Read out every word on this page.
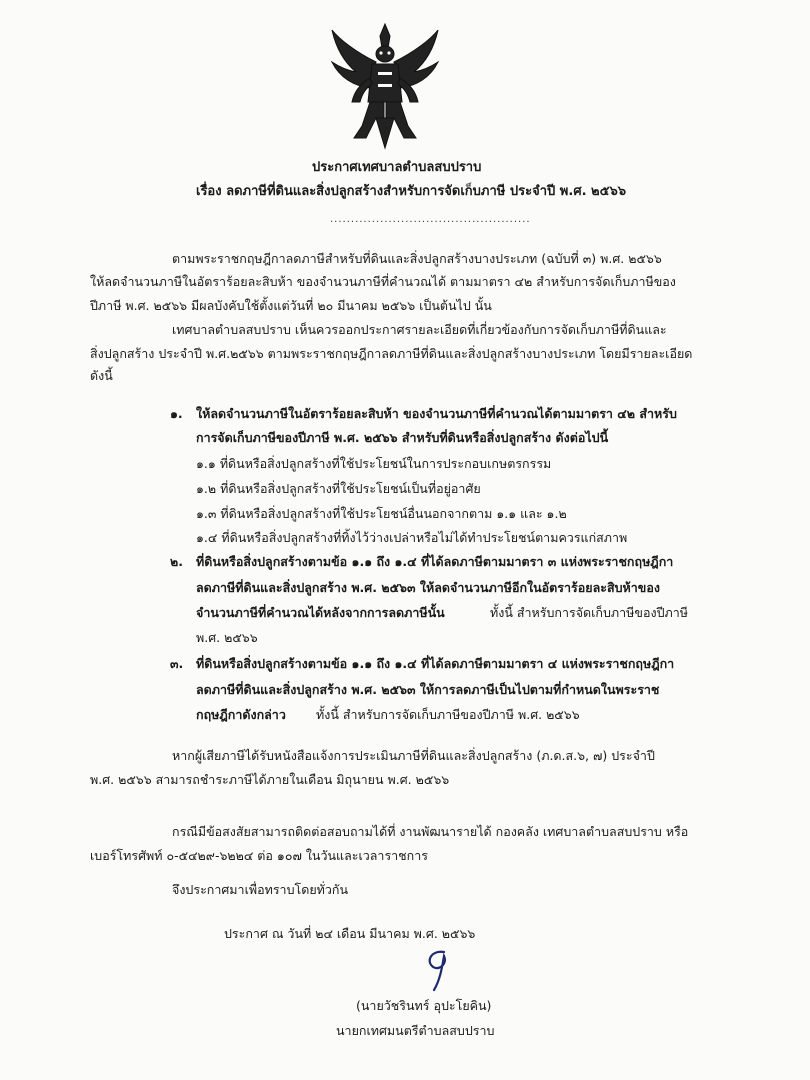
ประกาศเทศบาลตำบลสบปราบ
เรื่อง ลดภาษีที่ดินและสิ่งปลูกสร้างสำหรับการจัดเก็บภาษี ประจำปี พ.ศ. ๒๕๖๖
................................................
ตามพระราชกฤษฎีกาลดภาษีสำหรับที่ดินและสิ่งปลูกสร้างบางประเภท (ฉบับที่ ๓) พ.ศ. ๒๕๖๖
ให้ลดจำนวนภาษีในอัตราร้อยละสิบห้า ของจำนวนภาษีที่คำนวณได้ ตามมาตรา ๔๒ สำหรับการจัดเก็บภาษีของ
ปีภาษี พ.ศ. ๒๕๖๖ มีผลบังคับใช้ตั้งแต่วันที่ ๒๐ มีนาคม ๒๕๖๖ เป็นต้นไป นั้น
เทศบาลตำบลสบปราบ เห็นควรออกประกาศรายละเอียดที่เกี่ยวข้องกับการจัดเก็บภาษีที่ดินและ
สิ่งปลูกสร้าง ประจำปี พ.ศ.๒๕๖๖ ตามพระราชกฤษฎีกาลดภาษีที่ดินและสิ่งปลูกสร้างบางประเภท โดยมีรายละเอียด
ดังนี้
๑. ให้ลดจำนวนภาษีในอัตราร้อยละสิบห้า ของจำนวนภาษีที่คำนวณได้ตามมาตรา ๔๒ สำหรับ
การจัดเก็บภาษีของปีภาษี พ.ศ. ๒๕๖๖ สำหรับที่ดินหรือสิ่งปลูกสร้าง ดังต่อไปนี้
๑.๑ ที่ดินหรือสิ่งปลูกสร้างที่ใช้ประโยชน์ในการประกอบเกษตรกรรม
๑.๒ ที่ดินหรือสิ่งปลูกสร้างที่ใช้ประโยชน์เป็นที่อยู่อาศัย
๑.๓ ที่ดินหรือสิ่งปลูกสร้างที่ใช้ประโยชน์อื่นนอกจากตาม ๑.๑ และ ๑.๒
๑.๔ ที่ดินหรือสิ่งปลูกสร้างที่ทิ้งไว้ว่างเปล่าหรือไม่ได้ทำประโยชน์ตามควรแก่สภาพ
๒. ที่ดินหรือสิ่งปลูกสร้างตามข้อ ๑.๑ ถึง ๑.๔ ที่ได้ลดภาษีตามมาตรา ๓ แห่งพระราชกฤษฎีกา
ลดภาษีที่ดินและสิ่งปลูกสร้าง พ.ศ. ๒๕๖๓ ให้ลดจำนวนภาษีอีกในอัตราร้อยละสิบห้าของ
จำนวนภาษีที่คำนวณได้หลังจากการลดภาษีนั้น	ทั้งนี้ สำหรับการจัดเก็บภาษีของปีภาษี
พ.ศ. ๒๕๖๖
๓. ที่ดินหรือสิ่งปลูกสร้างตามข้อ ๑.๑ ถึง ๑.๔ ที่ได้ลดภาษีตามมาตรา ๔ แห่งพระราชกฤษฎีกา
ลดภาษีที่ดินและสิ่งปลูกสร้าง พ.ศ. ๒๕๖๓ ให้การลดภาษีเป็นไปตามที่กำหนดในพระราช
กฤษฎีกาดังกล่าว ทั้งนี้ สำหรับการจัดเก็บภาษีของปีภาษี พ.ศ. ๒๕๖๖
หากผู้เสียภาษีได้รับหนังสือแจ้งการประเมินภาษีที่ดินและสิ่งปลูกสร้าง (ภ.ด.ส.๖, ๗) ประจำปี
พ.ศ. ๒๕๖๖ สามารถชำระภาษีได้ภายในเดือน มิถุนายน พ.ศ. ๒๕๖๖
กรณีมีข้อสงสัยสามารถติดต่อสอบถามได้ที่ งานพัฒนารายได้ กองคลัง เทศบาลตำบลสบปราบ หรือ
เบอร์โทรศัพท์ ๐-๕๔๒๙-๖๒๒๔ ต่อ ๑๐๗ ในวันและเวลาราชการ
จึงประกาศมาเพื่อทราบโดยทั่วกัน
ประกาศ ณ วันที่ ๒๔ เดือน มีนาคม พ.ศ. ๒๕๖๖
(นายวัชรินทร์ อุปะโยคิน)
นายกเทศมนตรีตำบลสบปราบ
